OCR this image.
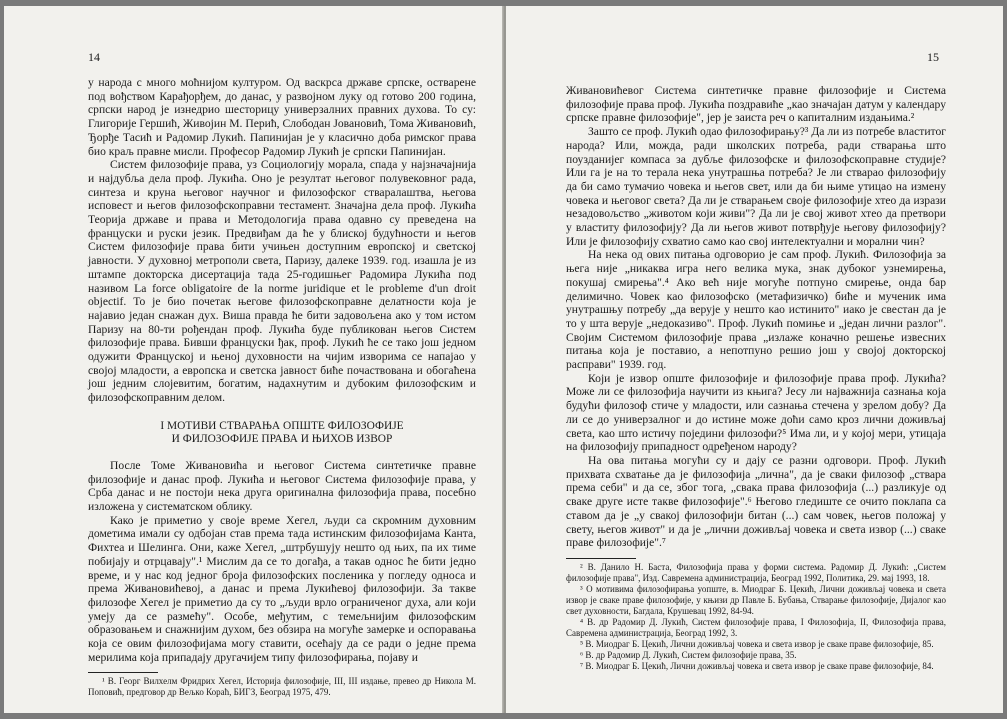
14

у народа с много моћнијом културом. Од васкрса државе српске, остварене под вођством Карађорђем, до данас, у развојном луку од готово 200 година, српски народ је изнедрио шесторицу универзалних правних духова. То су: Глигорије Гершић, Живојин М. Перић, Слободан Јовановић, Тома Живановић, Ђорђе Тасић и Радомир Лукић. Папинијан је у класично доба римског права био краљ правне мисли. Професор Радомир Лукић је српски Папинијан.

Систем филозофије права, уз Социологију морала, спада у најзначајнија и најдубља дела проф. Лукића. Оно је резултат његовог полувековног рада, синтеза и круна његовог научног и филозофског стваралаштва, његова исповест и његов филозофскоправни тестамент. Значајна дела проф. Лукића Теорија државе и права и Методологија права одавно су преведена на француски и руски језик. Предвиђам да ће у блиској будућности и његов Систем филозофије права бити учињен доступним европској и светској јавности. У духовној метрополи света, Паризу, далеке 1939. год. изашла је из штампе докторска дисертација тада 25-годишњег Радомира Лукића под називом La force obligatoire de la norme juridique et le probleme d'un droit objectif. То је био почетак његове филозофскоправне делатности која је најавио један снажан дух. Виша правда ће бити задовољена ако у том истом Паризу на 80-ти рођендан проф. Лукића буде публикован његов Систем филозофије права. Бивши француски ђак, проф. Лукић ће се тако још једном одужити Француској и њеној духовности на чијим изворима се напајао у својој младости, а европска и светска јавност биће почаствована и обогаћена још једним слојевитим, богатим, надахнутим и дубоким филозофским и филозофскоправним делом.

I МОТИВИ СТВАРАЊА ОПШТЕ ФИЛОЗОФИЈЕ
И ФИЛОЗОФИЈЕ ПРАВА И ЊИХОВ ИЗВОР

После Томе Живановића и његовог Система синтетичке правне филозофије и данас проф. Лукића и његовог Система филозофије права, у Срба данас и не постоји нека друга оригинална филозофија права, посебно изложена у систематском облику.

Како је приметио у своје време Хегел, људи са скромним духовним дометима имали су одбојан став према тада истинским филозофијама Канта, Фихтеа и Шелинга. Они, каже Хегел, „штрбушују нешто од њих, па их тиме побијају и отрцавају".¹ Мислим да се то догађа, а такав однос ће бити једно време, и у нас код једног броја филозофских посленика у погледу односа и према Живановићевој, а данас и према Лукићевој филозофији. За такве филозофе Хегел је приметио да су то „људи врло ограниченог духа, али који умеју да се размећу". Особе, међутим, с темељнијим филозофским образовањем и снажнијим духом, без обзира на могуће замерке и оспоравања која се овим филозофијама могу ставити, осећају да се ради о једне према мерилима која припадају другачијем типу филозофирања, појаву и

¹ В. Георг Вилхелм Фридрих Хегел, Историја филозофије, III, III издање, превео др Никола М. Поповић, предговор др Вељко Кораћ, БИГЗ, Београд 1975, 479.

15

Живановићевог Система синтетичке правне филозофије и Система филозофије права проф. Лукића поздравиће „као значајан датум у календару српске правне филозофије", јер је заиста реч о капиталним издањима.²

Зашто се проф. Лукић одао филозофирању?³ Да ли из потребе властитог народа? Или, можда, ради школских потреба, ради стварања што поузданијег компаса за дубље филозофске и филозофскоправне студије? Или га је на то терала нека унутрашња потреба? Је ли стварао филозофију да би само тумачио човека и његов свет, или да би њиме утицао на измену човека и његовог света? Да ли је стварањем своје филозофије хтео да изрази незадовољство „животом који живи"? Да ли је свој живот хтео да претвори у властиту филозофију? Да ли његов живот потврђује његову филозофију? Или је филозофију схватио само као свој интелектуални и морални чин?

На нека од ових питања одговорио је сам проф. Лукић. Филозофија за њега није „никаква игра него велика мука, знак дубоког узнемирења, покушај смирења".⁴ Ако већ није могуће потпуно смирење, онда бар делимично. Човек као филозофско (метафизичко) биће и мученик има унутрашњу потребу „да верује у нешто као истинито" иако је свестан да је то у шта верује „недоказиво". Проф. Лукић помиње и „један лични разлог". Својим Системом филозофије права „излаже коначно решење извесних питања која је поставио, а непотпуно решио још у својој докторској расправи" 1939. год.

Који је извор опште филозофије и филозофије права проф. Лукића? Може ли се филозофија научити из књига? Јесу ли најважнија сазнања која будући филозоф стиче у младости, или сазнања стечена у зрелом добу? Да ли се до универзалног и до истине може доћи само кроз лични доживљај света, као што истичу поједини филозофи?⁵ Има ли, и у којој мери, утицаја на филозофију припадност одређеном народу?

На ова питања могући су и дају се разни одговори. Проф. Лукић прихвата схватање да је филозофија „лична", да је сваки филозоф „ствара према себи" и да се, због тога, „свака права филозофија (...) разликује од сваке друге исте такве филозофије".⁶ Његово гледиште се очито поклапа са ставом да је „у свакој филозофији битан (...) сам човек, његов положај у свету, његов живот" и да је „лични доживљај човека и света извор (...) сваке праве филозофије".⁷

² В. Данило Н. Баста, Филозофија права у форми система. Радомир Д. Лукић: „Систем филозофије права", Изд. Савремена администрација, Београд 1992, Политика, 29. мај 1993, 18.

³ О мотивима филозофирања уопште, в. Миодраг Б. Цекић, Лични доживљај човека и света извор је сваке праве филозофије, у књизи др Павле Б. Бубања, Стварање филозофије, Дијалог као свет духовности, Багдала, Крушевац 1992, 84-94.

⁴ В. др Радомир Д. Лукић, Систем филозофије права, I Филозофија, II, Филозофија права, Савремена администрација, Београд 1992, 3.

⁵ В. Миодраг Б. Цекић, Лични доживљај човека и света извор је сваке праве филозофије, 85.

⁶ В. др Радомир Д. Лукић, Систем филозофије права, 35.

⁷ В. Миодраг Б. Цекић, Лични доживљај човека и света извор је сваке праве филозофије, 84.
